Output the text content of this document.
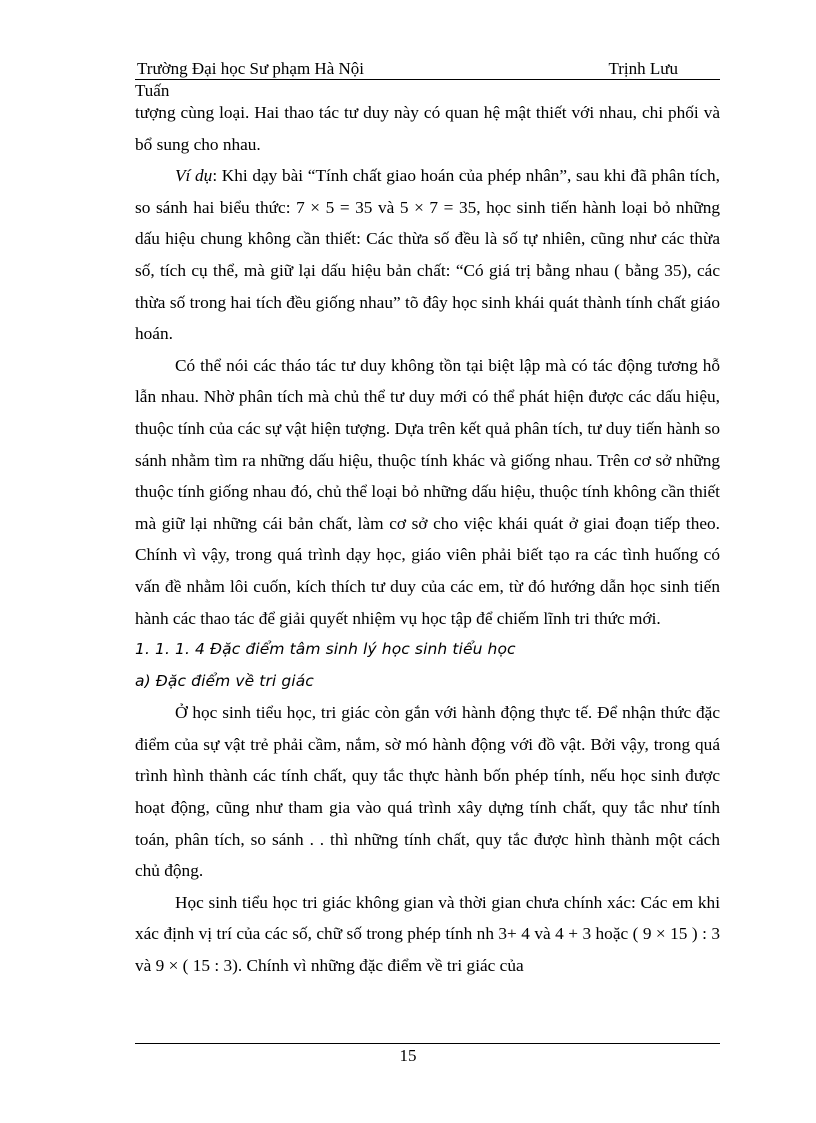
Trường Đại học Sư phạm Hà Nội	Trịnh Lưu
Tuấn

tượng cùng loại. Hai thao tác tư duy này có quan hệ mật thiết với nhau, chi phối và bổ sung cho nhau.

Ví dụ: Khi dạy bài “Tính chất giao hoán của phép nhân”, sau khi đã phân tích, so sánh hai biểu thức: 7 × 5 = 35 và 5 × 7 = 35, học sinh tiến hành loại bỏ những dấu hiệu chung không cần thiết: Các thừa số đều là số tự nhiên, cũng như các thừa số, tích cụ thể, mà giữ lại dấu hiệu bản chất: “Có giá trị bằng nhau ( bằng 35), các thừa số trong hai tích đều giống nhau” tõ đây học sinh khái quát thành tính chất giáo hoán.

Có thể nói các tháo tác tư duy không tồn tại biệt lập mà có tác động tương hỗ lẫn nhau. Nhờ phân tích mà chủ thể tư duy mới có thể phát hiện được các dấu hiệu, thuộc tính của các sự vật hiện tượng. Dựa trên kết quả phân tích, tư duy tiến hành so sánh nhằm tìm ra những dấu hiệu, thuộc tính khác và giống nhau. Trên cơ sở những thuộc tính giống nhau đó, chủ thể loại bỏ những dấu hiệu, thuộc tính không cần thiết mà giữ lại những cái bản chất, làm cơ sở cho việc khái quát ở giai đoạn tiếp theo. Chính vì vậy, trong quá trình dạy học, giáo viên phải biết tạo ra các tình huống có vấn đề nhằm lôi cuốn, kích thích tư duy của các em, từ đó hướng dẫn học sinh tiến hành các thao tác để giải quyết nhiệm vụ học tập để chiếm lĩnh tri thức mới.

1. 1. 1. 4 Đặc điểm tâm sinh lý học sinh tiểu học

a) Đặc điểm về tri giác

Ở học sinh tiểu học, tri giác còn gắn với hành động thực tế. Để nhận thức đặc điểm của sự vật trẻ phải cầm, nắm, sờ mó hành động với đồ vật. Bởi vậy, trong quá trình hình thành các tính chất, quy tắc thực hành bốn phép tính, nếu học sinh được hoạt động, cũng như tham gia vào quá trình xây dựng tính chất, quy tắc như tính toán, phân tích, so sánh . . thì những tính chất, quy tắc được hình thành một cách chủ động.

Học sinh tiểu học tri giác không gian và thời gian chưa chính xác: Các em khi xác định vị trí của các số, chữ số trong phép tính nh 3+ 4 và 4 + 3 hoặc ( 9 × 15 ) : 3 và 9 × ( 15 : 3). Chính vì những đặc điểm về tri giác của

15
